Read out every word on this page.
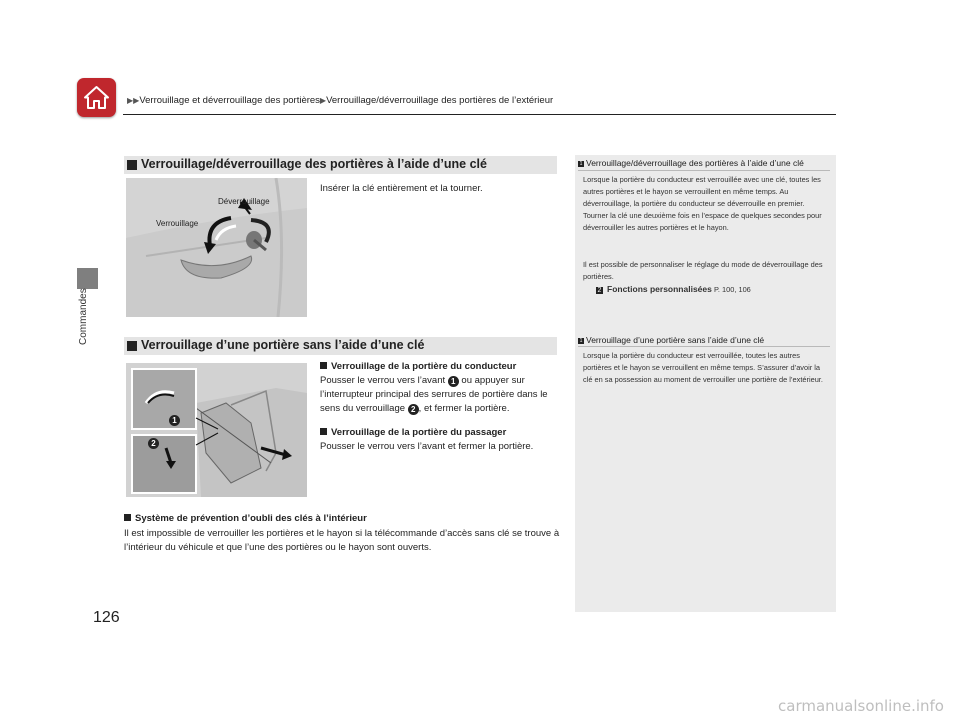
▶▶Verrouillage et déverrouillage des portières▶Verrouillage/déverrouillage des portières de l’extérieur
Commandes
126
Verrouillage/déverrouillage des portières à l’aide d’une clé
Déverrouillage
Verrouillage
Insérer la clé entièrement et la tourner.
Verrouillage d’une portière sans l’aide d’une clé
1
2
Verrouillage de la portière du conducteur
Pousser le verrou vers l’avant 1 ou appuyer sur l’interrupteur principal des serrures de portière dans le sens du verrouillage 2 , et fermer la portière.
Verrouillage de la portière du passager
Pousser le verrou vers l’avant et fermer la portière.
Système de prévention d’oubli des clés à l’intérieur
Il est impossible de verrouiller les portières et le hayon si la télécommande d’accès sans clé se trouve à l’intérieur du véhicule et que l’une des portières ou le hayon sont ouverts.
1 Verrouillage/déverrouillage des portières à l’aide d’une clé
Lorsque la portière du conducteur est verrouillée avec une clé, toutes les autres portières et le hayon se verrouillent en même temps. Au déverrouillage, la portière du conducteur se déverrouille en premier. Tourner la clé une deuxième fois en l’espace de quelques secondes pour déverrouiller les autres portières et le hayon.
Il est possible de personnaliser le réglage du mode de déverrouillage des portières.
2 Fonctions personnalisées P. 100, 106
1 Verrouillage d’une portière sans l’aide d’une clé
Lorsque la portière du conducteur est verrouillée, toutes les autres portières et le hayon se verrouillent en même temps. S’assurer d’avoir la clé en sa possession au moment de verrouiller une portière de l’extérieur.
carmanualsonline.info
